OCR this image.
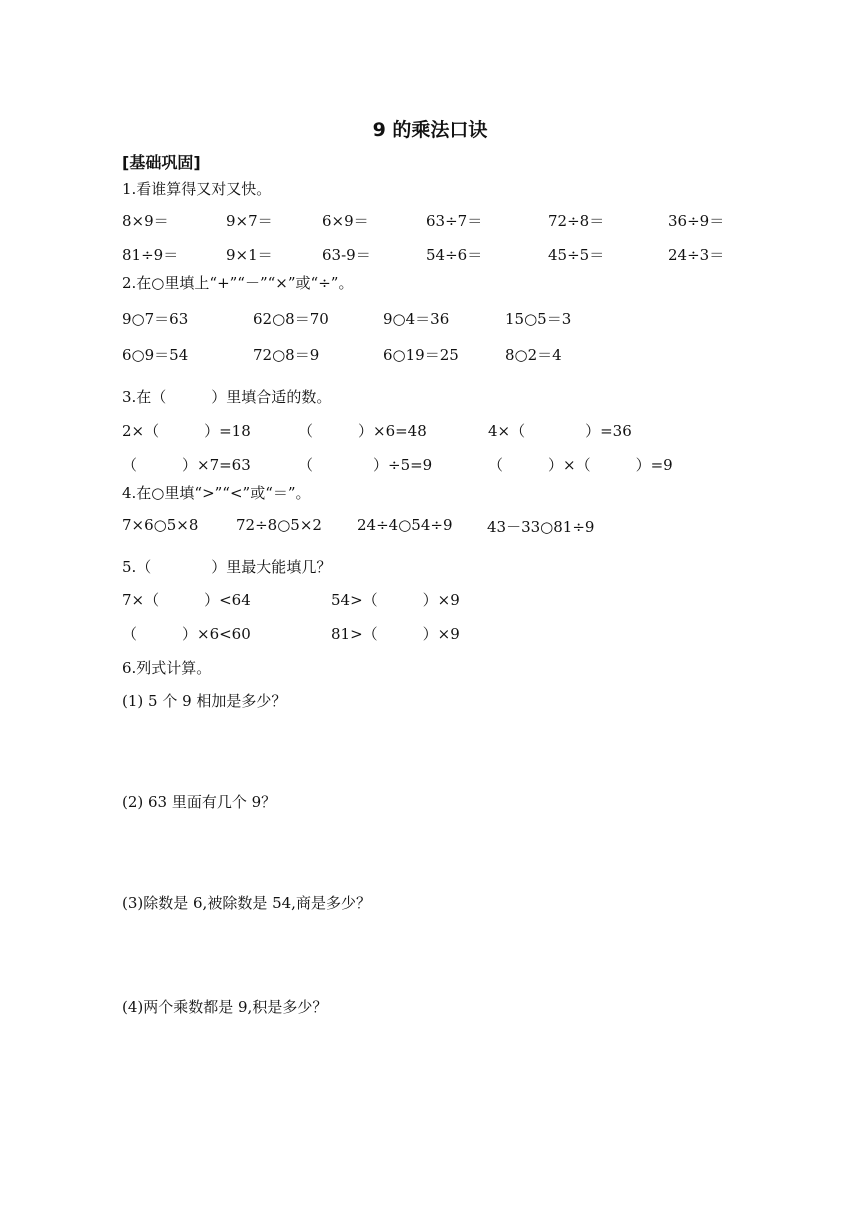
9 的乘法口诀
[基础巩固]
1.看谁算得又对又快。
8×9＝	9×7＝	6×9＝	63÷7＝	72÷8＝	36÷9＝
81÷9＝	9×1＝	63-9＝	54÷6＝	45÷5＝	24÷3＝
2.在○里填上“+”“－”“×”或“÷”。
9○7＝63	62○8＝70	9○4＝36	15○5＝3
6○9＝54	72○8＝9	6○19＝25	8○2＝4
3.在（　　　）里填合适的数。
2×（　　　）=18	（　　　）×6=48	4×（　　　　）=36
（　　　）×7=63	（　　　　）÷5=9	（　　　）×（　　　）=9
4.在○里填“>”“<”或“＝”。
7×6○5×8	72÷8○5×2 24÷4○54÷9 43－33○81÷9
5.（　　　　）里最大能填几？
7×（　　　）<64	54>（　　　）×9
（　　　）×6<60	81>（　　　）×9
6.列式计算。
(1) 5 个 9 相加是多少？
(2) 63 里面有几个 9？
(3)除数是 6,被除数是 54,商是多少？
(4)两个乘数都是 9,积是多少？
